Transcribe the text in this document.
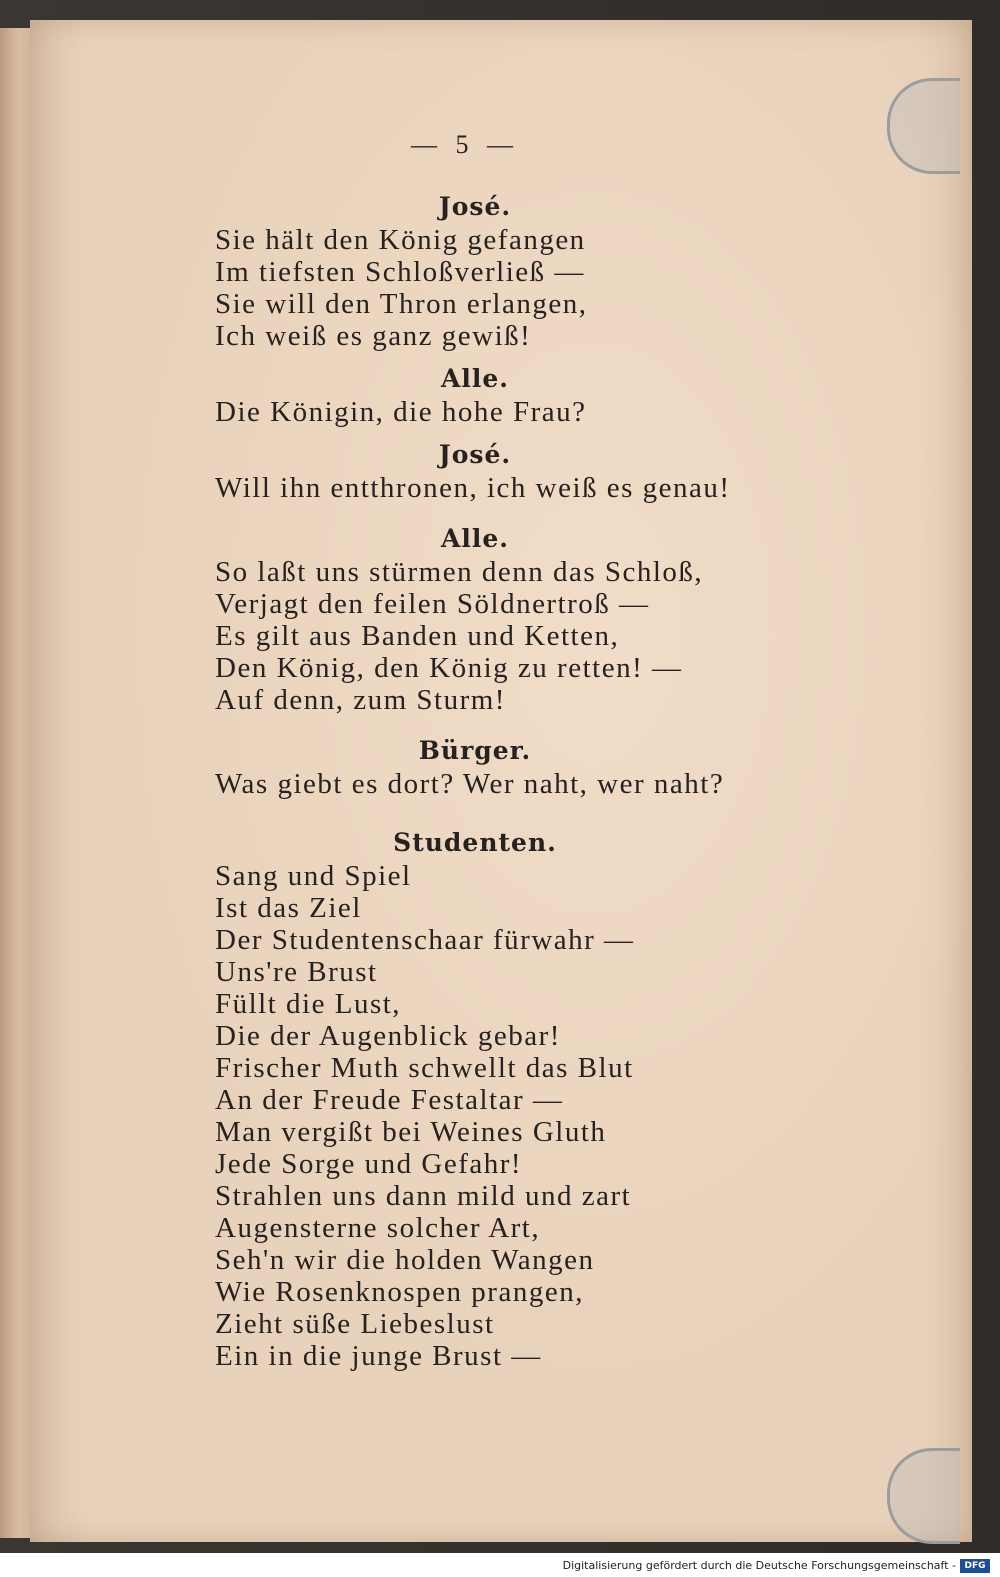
— 5 —
José.
Sie hält den König gefangen
Im tiefsten Schloßverließ —
Sie will den Thron erlangen,
Ich weiß es ganz gewiß!
Alle.
Die Königin, die hohe Frau?
José.
Will ihn entthronen, ich weiß es genau!
Alle.
So laßt uns stürmen denn das Schloß,
Verjagt den feilen Söldnertroß —
Es gilt aus Banden und Ketten,
Den König, den König zu retten! —
Auf denn, zum Sturm!
Bürger.
Was giebt es dort? Wer naht, wer naht?
Studenten.
Sang und Spiel
Ist das Ziel
Der Studentenschaar fürwahr —
Uns're Brust
Füllt die Lust,
Die der Augenblick gebar!
Frischer Muth schwellt das Blut
An der Freude Festaltar —
Man vergißt bei Weines Gluth
Jede Sorge und Gefahr!
Strahlen uns dann mild und zart
Augensterne solcher Art,
Seh'n wir die holden Wangen
Wie Rosenknospen prangen,
Zieht süße Liebeslust
Ein in die junge Brust —
Digitalisierung gefördert durch die Deutsche Forschungsgemeinschaft - DFG
